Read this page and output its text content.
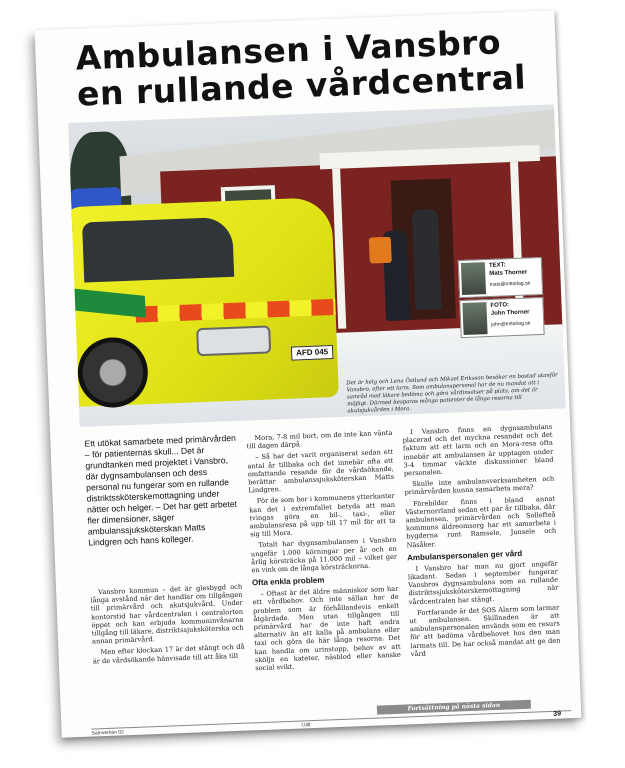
Ambulansen i Vansbro en rullande vårdcentral
AFD 045

Det är helg och Lena Östlund och Mikael Eriksson besöker en bostad utanför Vansbro, efter ett larm. Som ambulanspersonal har de nu mandat att i samråd med läkare bedöma och göra vårdinsatser på plats, om det är möjligt. Därmed besparas många patienter de långa resorna till akutsjukvården i Mora.

TEXT:
Mats Thorner
mats@mttorlag.se
FOTO:
John Thorner
john@mttorlag.se

Ett utökat samarbete med primärvården – för patienternas skull... Det är grundtanken med projektet i Vansbro, där dygnsambulansen och dess personal nu fungerar som en rullande distriktssköterskemottagning under nätter och helger. – Det har gett arbetet fler dimensioner, säger ambulanssjuksköterskan Matts Lindgren och hans kolleger.

Vansbro kommun – det är glesbygd och långa avstånd när det handlar om tillgången till primärvård och akutsjukvård. Under kontorstid har vårdcentralen i centralorten öppet och kan erbjuda kommuninvånarna tillgång till läkare, distriktssjuksköterska och annan primärvård.

Men efter klockan 17 är det stängt och då är de vårdsökande hänvisade till att åka till

Mora, 7-8 mil bort, om de inte kan vänta till dagen därpå.

– Så har det varit organiserat sedan ett antal år tillbaka och det innebär ofta ett omfattande resande för de vårdsökande, berättar ambulanssjuksköterskan Matts Lindgren.

För de som bor i kommunens ytterkanter kan det i extremfallet betyda att man tvingas göra en bil-, taxi-, eller ambulansresa på upp till 17 mil för att ta sig till Mora.

Totalt har dygnsambulansen i Vansbro ungefär 1.000 körningar per år och en årlig körsträcka på 11.000 mil – vilket ger en vink om de långa körsträckorna.

Ofta enkla problem

– Oftast är det äldre människor som har ett vårdbehov. Och inte sällan har de problem som är förhållandevis enkelt åtgärdade. Men utan tillgången till primärvård har de inte haft andra alternativ än att kalla på ambulans eller taxi och göra de här långa resorna. Det kan handla om urinstopp, behov av att skölja en kateter, näsblod eller kanske social svikt.

I Vansbro finns en dygnsambulans placerad och det myckna resandet och det faktum att ett larm och en Mora-resa ofta innebär att ambulansen är upptagen under 3-4 timmar väckte diskussioner bland personalen.

Skulle inte ambulansverksamheten och primärvården kunna samarbeta mera?

Förebilder finns i bland annat Västernorrland sedan ett par år tillbaka, där ambulansen, primärvården och Sollefteå kommuns äldreomsorg har ett samarbete i bygderna runt Ramsele, Junsele och Näsåker.

Ambulanspersonalen ger vård

I Vansbro har man nu gjort ungefär likadant. Sedan i september fungerar Vansbros dygnsambulans som en rullande distriktssjuksköterskemottagning när vårdcentralen har stängt.

Fortfarande är det SOS Alarm som larmar ut ambulansen. Skillnaden är att ambulanspersonalen används som en resurs för att bedöma vårdbehovet hos den man larmats till. De har också mandat att ge den vård

Fortsättning på nästa sidan
Samverkan 02
I.tillt
39
